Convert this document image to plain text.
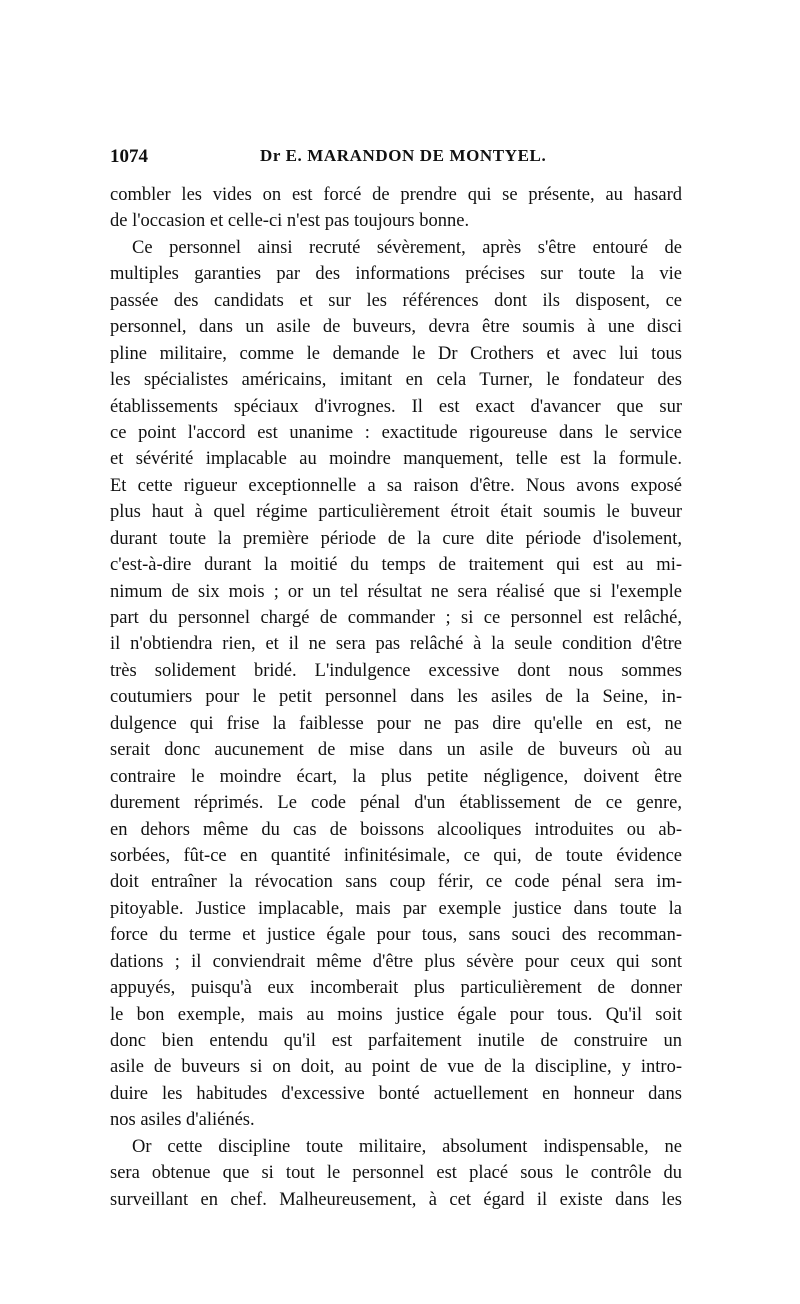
1074	Dr E. MARANDON DE MONTYEL.
combler les vides on est forcé de prendre qui se présente, au hasard
de l'occasion et celle-ci n'est pas toujours bonne.
Ce personnel ainsi recruté sévèrement, après s'être entouré de
multiples garanties par des informations précises sur toute la vie
passée des candidats et sur les références dont ils disposent, ce
personnel, dans un asile de buveurs, devra être soumis à une disci
pline militaire, comme le demande le Dr Crothers et avec lui tous
les spécialistes américains, imitant en cela Turner, le fondateur des
établissements spéciaux d'ivrognes. Il est exact d'avancer que sur
ce point l'accord est unanime : exactitude rigoureuse dans le service
et sévérité implacable au moindre manquement, telle est la formule.
Et cette rigueur exceptionnelle a sa raison d'être. Nous avons exposé
plus haut à quel régime particulièrement étroit était soumis le buveur
durant toute la première période de la cure dite période d'isolement,
c'est-à-dire durant la moitié du temps de traitement qui est au mi-
nimum de six mois ; or un tel résultat ne sera réalisé que si l'exemple
part du personnel chargé de commander ; si ce personnel est relâché,
il n'obtiendra rien, et il ne sera pas relâché à la seule condition d'être
très solidement bridé. L'indulgence excessive dont nous sommes
coutumiers pour le petit personnel dans les asiles de la Seine, in-
dulgence qui frise la faiblesse pour ne pas dire qu'elle en est, ne
serait donc aucunement de mise dans un asile de buveurs où au
contraire le moindre écart, la plus petite négligence, doivent être
durement réprimés. Le code pénal d'un établissement de ce genre,
en dehors même du cas de boissons alcooliques introduites ou ab-
sorbées, fût-ce en quantité infinitésimale, ce qui, de toute évidence
doit entraîner la révocation sans coup férir, ce code pénal sera im-
pitoyable. Justice implacable, mais par exemple justice dans toute la
force du terme et justice égale pour tous, sans souci des recomman-
dations ; il conviendrait même d'être plus sévère pour ceux qui sont
appuyés, puisqu'à eux incomberait plus particulièrement de donner
le bon exemple, mais au moins justice égale pour tous. Qu'il soit
donc bien entendu qu'il est parfaitement inutile de construire un
asile de buveurs si on doit, au point de vue de la discipline, y intro-
duire les habitudes d'excessive bonté actuellement en honneur dans
nos asiles d'aliénés.
Or cette discipline toute militaire, absolument indispensable, ne
sera obtenue que si tout le personnel est placé sous le contrôle du
surveillant en chef. Malheureusement, à cet égard il existe dans les
